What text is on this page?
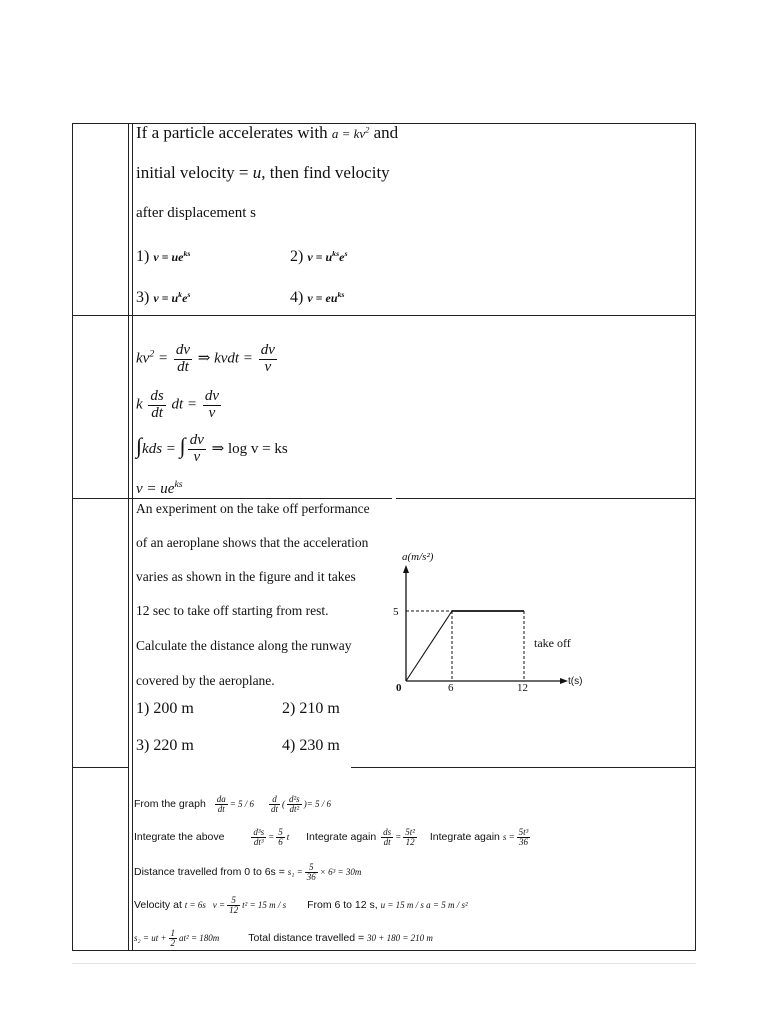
If a particle accelerates with $a = kv^2$ and
initial velocity = u, then find velocity
after displacement s
1) $v = ue^{ks}$	2) $v = u^{ks}e^s$
3) $v = u^ke^s$	4) $v = eu^{ks}$
$kv^2 = \frac{dv}{dt}$ ⇒ kvdt = $\frac{dv}{v}$
k $\frac{ds}{dt}$ dt = $\frac{dv}{v}$
∫kds = ∫ $\frac{dv}{v}$ ⇒ log v = ks
$v = ue^{ks}$
An experiment on the take off performance
of an aeroplane shows that the acceleration
varies as shown in the figure and it takes
12 sec to take off starting from rest.
Calculate the distance along the runway
covered by the aeroplane.
1) 200 m	2) 210 m
3) 220 m	4) 230 m
a(m/s²)
5
0	6	12
take off
t(s)
From the graph $\frac{da}{dt} = 5 / 6 \frac{d}{dt}$ ( $\frac{\text{d²s}}{\text{dt²}}$ )= 5 / 6
Integrate the above	$\frac{\text{d³s}}{\text{dt³}} = \frac{5}{6}$ t Integrate again $\frac{ds}{dt} = \frac{\text{5t²}}{12}$ Integrate again $s = \frac{\text{5t³}}{36}$
Distance travelled from 0 to $6s = s_1 = \frac{5}{36} \times 6^3 = 30m$
Velocity at t = 6s $v = \frac{5}{12} t^2 = 15$ m / s From 6 to 12 s, u = 15 m / s a = 5 m / s²
s₂ = ut + $\frac{1}{2} at^2 = 180m$	Total distance travelled = 30 + 180 = 210 m
